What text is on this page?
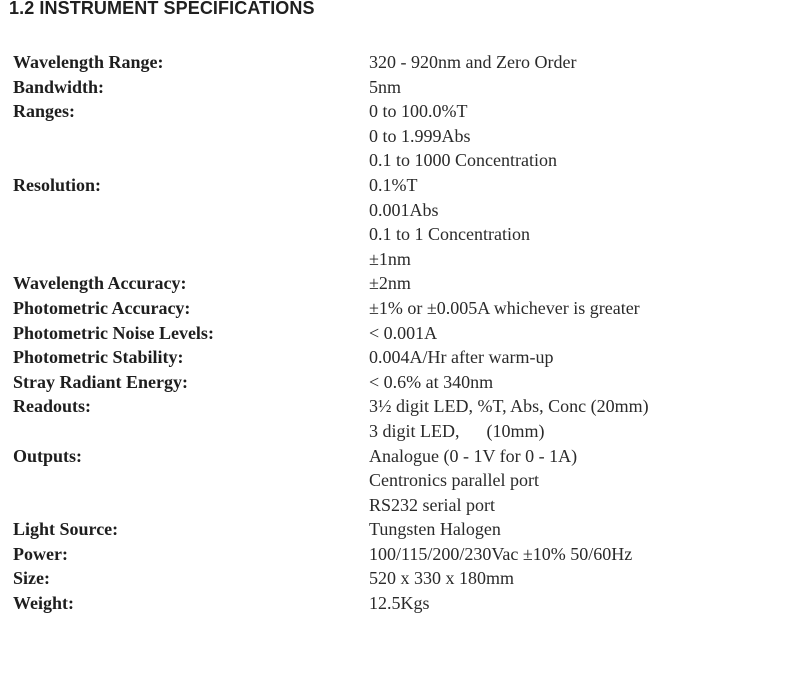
1.2 INSTRUMENT SPECIFICATIONS
Wavelength Range:	320 - 920nm and Zero Order
Bandwidth:	5nm
Ranges:	0 to 100.0%T
0 to 1.999Abs
0.1 to 1000 Concentration
Resolution:	0.1%T
0.001Abs
0.1 to 1 Concentration
±1nm
Wavelength Accuracy:	±2nm
Photometric Accuracy:	±1% or ±0.005A whichever is greater
Photometric Noise Levels:	< 0.001A
Photometric Stability:	0.004A/Hr after warm-up
Stray Radiant Energy:	< 0.6% at 340nm
Readouts:	3½ digit LED, %T, Abs, Conc (20mm)
3 digit LED,      (10mm)
Outputs:	Analogue (0 - 1V for 0 - 1A)
Centronics parallel port
RS232 serial port
Light Source:	Tungsten Halogen
Power:	100/115/200/230Vac ±10% 50/60Hz
Size:	520 x 330 x 180mm
Weight:	12.5Kgs
